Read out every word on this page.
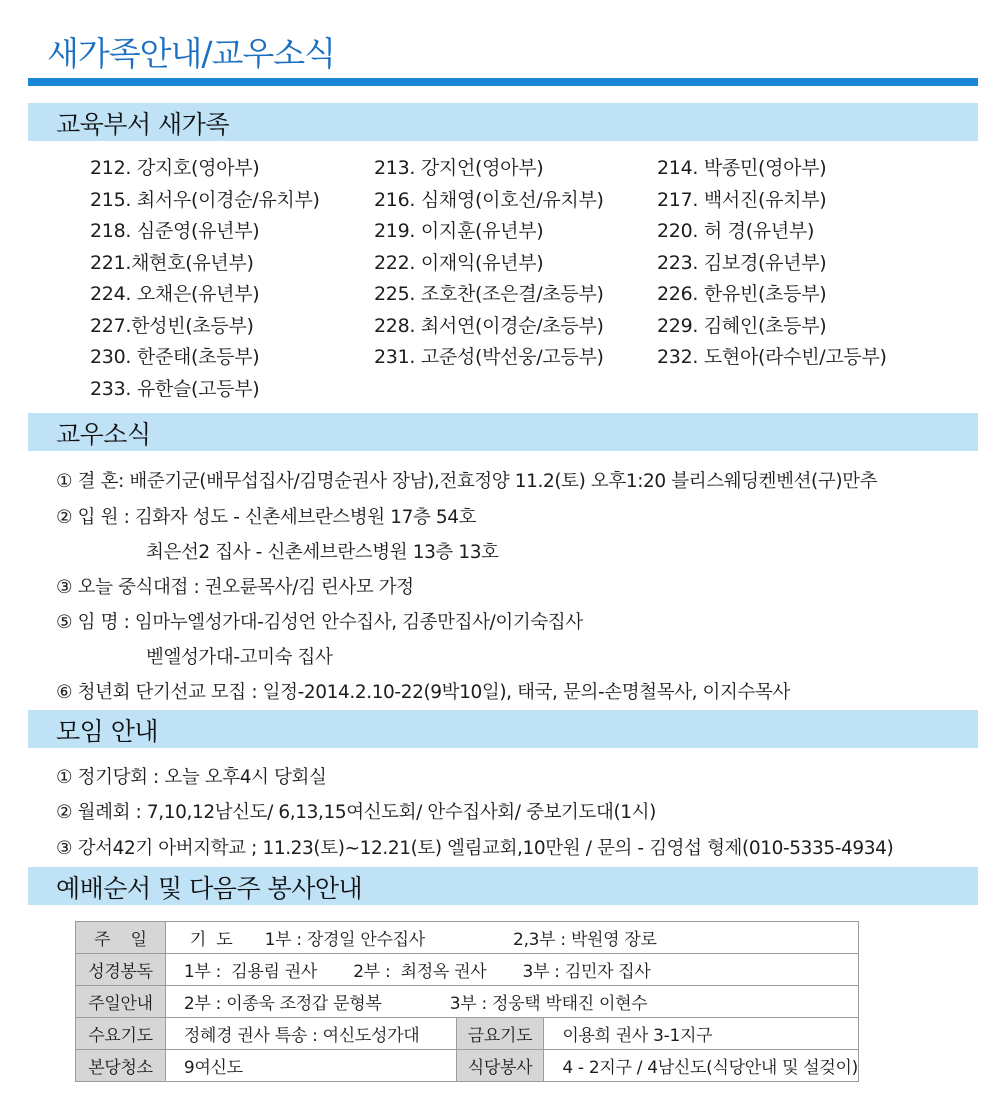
새가족안내/교우소식
교육부서 새가족
212. 강지호(영아부)	213. 강지언(영아부)	214. 박종민(영아부)
215. 최서우(이경순/유치부)	216. 심채영(이호선/유치부)	217. 백서진(유치부)
218. 심준영(유년부)	219. 이지훈(유년부)	220. 허 경(유년부)
221.채현호(유년부)	222. 이재익(유년부)	223. 김보경(유년부)
224. 오채은(유년부)	225. 조호찬(조은결/초등부)	226. 한유빈(초등부)
227.한성빈(초등부)	228. 최서연(이경순/초등부)	229. 김혜인(초등부)
230. 한준태(초등부)	231. 고준성(박선웅/고등부)	232. 도현아(라수빈/고등부)
233. 유한슬(고등부)
교우소식
① 결 혼: 배준기군(배무섭집사/김명순권사 장남),전효정양 11.2(토) 오후1:20 블리스웨딩켄벤션(구)만추
② 입 원 : 김화자 성도 - 신촌세브란스병원 17층 54호
최은선2 집사 - 신촌세브란스병원 13층 13호
③ 오늘 중식대접 : 권오륜목사/김 린사모 가정
⑤ 임 명 : 임마누엘성가대-김성언 안수집사, 김종만집사/이기숙집사
벧엘성가대-고미숙 집사
⑥ 청년회 단기선교 모집 : 일정-2014.2.10-22(9박10일), 태국, 문의-손명철목사, 이지수목사
모임 안내
① 정기당회 : 오늘 오후4시 당회실
② 월례회 : 7,10,12남신도/ 6,13,15여신도회/ 안수집사회/ 중보기도대(1시)
③ 강서42기 아버지학교 ; 11.23(토)~12.21(토) 엘림교회,10만원 / 문의 - 김영섭 형제(010-5335-4934)
예배순서 및 다음주 봉사안내
주    일	기  도 1부 : 장경일 안수집사 2,3부 : 박원영 장로		
성경봉독	1부 :  김용림 권사 2부 :  최정옥 권사 3부 : 김민자 집사		
주일안내	2부 : 이종욱 조정갑 문형복 3부 : 정웅택 박태진 이현수		
수요기도	정혜경 권사 특송 : 여신도성가대	금요기도	이용희 권사 3-1지구
본당청소	9여신도	식당봉사	4 - 2지구 / 4남신도(식당안내 및 설겆이)
